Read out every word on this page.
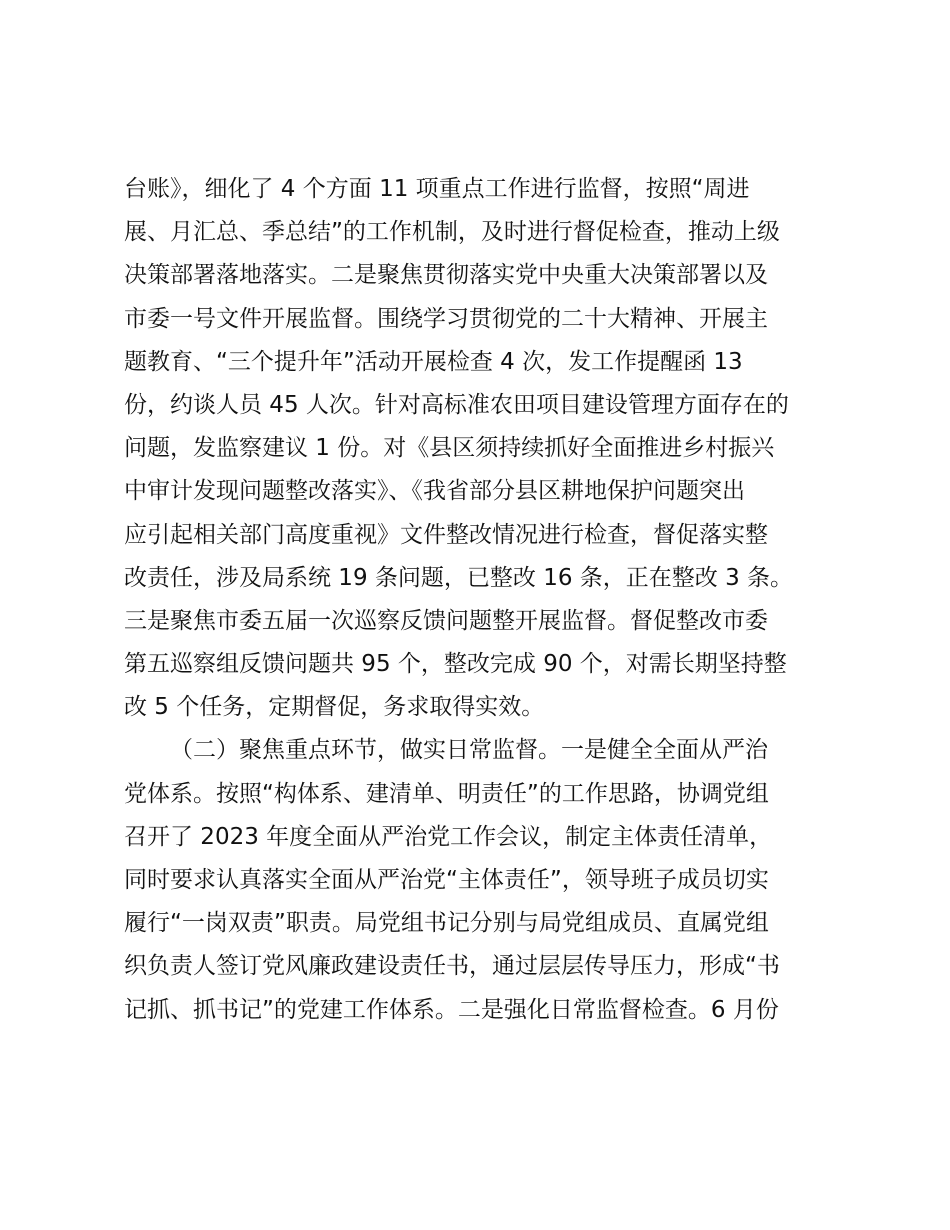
台账》，细化了 4 个方面 11 项重点工作进行监督，按照“周进
展、月汇总、季总结”的工作机制，及时进行督促检查，推动上级
决策部署落地落实。二是聚焦贯彻落实党中央重大决策部署以及
市委一号文件开展监督。围绕学习贯彻党的二十大精神、开展主
题教育、“三个提升年”活动开展检查 4 次，发工作提醒函 13
份，约谈人员 45 人次。针对高标准农田项目建设管理方面存在的
问题，发监察建议 1 份。对《县区须持续抓好全面推进乡村振兴
中审计发现问题整改落实》、《我省部分县区耕地保护问题突出
应引起相关部门高度重视》文件整改情况进行检查，督促落实整
改责任，涉及局系统 19 条问题，已整改 16 条，正在整改 3 条。
三是聚焦市委五届一次巡察反馈问题整开展监督。督促整改市委
第五巡察组反馈问题共 95 个，整改完成 90 个，对需长期坚持整
改 5 个任务，定期督促，务求取得实效。
（二）聚焦重点环节，做实日常监督。一是健全全面从严治
党体系。按照“构体系、建清单、明责任”的工作思路，协调党组
召开了 2023 年度全面从严治党工作会议，制定主体责任清单，
同时要求认真落实全面从严治党“主体责任”，领导班子成员切实
履行“一岗双责”职责。局党组书记分别与局党组成员、直属党组
织负责人签订党风廉政建设责任书，通过层层传导压力，形成“书
记抓、抓书记”的党建工作体系。二是强化日常监督检查。6 月份
